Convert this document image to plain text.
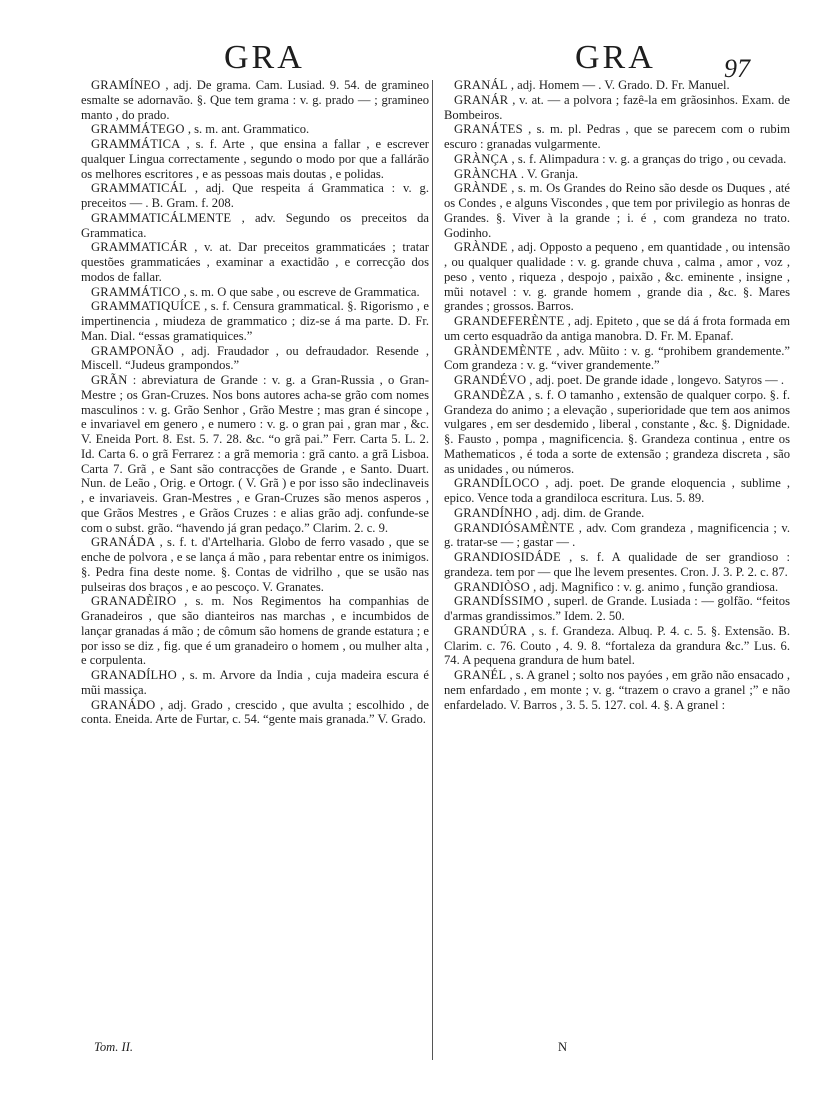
GRA	GRA	97

GRAMÍNEO , adj. De grama. Cam. Lusiad. 9. 54. de gramineo esmalte se adornavão. §. Que tem grama : v. g. prado — ; gramineo manto , do prado.

GRAMMÁTEGO , s. m. ant. Grammatico.

GRAMMÁTICA , s. f. Arte , que ensina a fallar , e escrever qualquer Lingua correctamente , segundo o modo por que a fallárão os melhores escritores , e as pessoas mais doutas , e polidas.

GRAMMATICÁL , adj. Que respeita á Grammatica : v. g. preceitos — . B. Gram. f. 208.

GRAMMATICÁLMENTE , adv. Segundo os preceitos da Grammatica.

GRAMMATICÁR , v. at. Dar preceitos grammaticáes ; tratar questões grammaticáes , examinar a exactidão , e correcção dos modos de fallar.

GRAMMÁTICO , s. m. O que sabe , ou escreve de Grammatica.

GRAMMATIQUÍCE , s. f. Censura grammatical. §. Rigorismo , e impertinencia , miudeza de grammatico ; diz-se á ma parte. D. Fr. Man. Dial. “essas gramatiquices.”

GRAMPONÃO , adj. Fraudador , ou defraudador. Resende , Miscell. “Judeus grampondos.”

GRÃN : abreviatura de Grande : v. g. a Gran-Russia , o Gran-Mestre ; os Gran-Cruzes. Nos bons autores acha-se grão com nomes masculinos : v. g. Grão Senhor , Grão Mestre ; mas gran é sincope , e invariavel em genero , e numero : v. g. o gran pai , gran mar , &c. V. Eneida Port. 8. Est. 5. 7. 28. &c. “o grã pai.” Ferr. Carta 5. L. 2. Id. Carta 6. o grã Ferrarez : a grã memoria : grã canto. a grã Lisboa. Carta 7. Grã , e Sant são contracções de Grande , e Santo. Duart. Nun. de Leão , Orig. e Ortogr. ( V. Grã ) e por isso são indeclinaveis , e invariaveis. Gran-Mestres , e Gran-Cruzes são menos asperos , que Grãos Mestres , e Grãos Cruzes : e alias grão adj. confunde-se com o subst. grão. “havendo já gran pedaço.” Clarim. 2. c. 9.

GRANÁDA , s. f. t. d'Artelharia. Globo de ferro vasado , que se enche de polvora , e se lança á mão , para rebentar entre os inimigos. §. Pedra fina deste nome. §. Contas de vidrilho , que se usão nas pulseiras dos braços , e ao pescoço. V. Granates.

GRANADÈIRO , s. m. Nos Regimentos ha companhias de Granadeiros , que são dianteiros nas marchas , e incumbidos de lançar granadas á mão ; de cômum são homens de grande estatura ; e por isso se diz , fig. que é um granadeiro o homem , ou mulher alta , e corpulenta.

GRANADÍLHO , s. m. Arvore da India , cuja madeira escura é mũi massiça.

GRANÁDO , adj. Grado , crescido , que avulta ; escolhido , de conta. Eneida. Arte de Furtar, c. 54. “gente mais granada.” V. Grado.

GRANÁL , adj. Homem — . V. Grado. D. Fr. Manuel.

GRANÁR , v. at. — a polvora ; fazê-la em grãosinhos. Exam. de Bombeiros.

GRANÁTES , s. m. pl. Pedras , que se parecem com o rubim escuro : granadas vulgarmente.

GRÀNÇA , s. f. Alimpadura : v. g. a granças do trigo , ou cevada.

GRÀNCHA . V. Granja.

GRÀNDE , s. m. Os Grandes do Reino são desde os Duques , até os Condes , e alguns Viscondes , que tem por privilegio as honras de Grandes. §. Viver à la grande ; i. é , com grandeza no trato. Godinho.

GRÀNDE , adj. Opposto a pequeno , em quantidade , ou intensão , ou qualquer qualidade : v. g. grande chuva , calma , amor , voz , peso , vento , riqueza , despojo , paixão , &c. eminente , insigne , mũi notavel : v. g. grande homem , grande dia , &c. §. Mares grandes ; grossos. Barros.

GRANDEFERÈNTE , adj. Epiteto , que se dá á frota formada em um certo esquadrão da antiga manobra. D. Fr. M. Epanaf.

GRÀNDEMÈNTE , adv. Mũito : v. g. “prohibem grandemente.” Com grandeza : v. g. “viver grandemente.”

GRANDÉVO , adj. poet. De grande idade , longevo. Satyros — .

GRANDÈZA , s. f. O tamanho , extensão de qualquer corpo. §. f. Grandeza do animo ; a elevação , superioridade que tem aos animos vulgares , em ser desdemido , liberal , constante , &c. §. Dignidade. §. Fausto , pompa , magnificencia. §. Grandeza continua , entre os Mathematicos , é toda a sorte de extensão ; grandeza discreta , são as unidades , ou números.

GRANDÍLOCO , adj. poet. De grande eloquencia , sublime , epico. Vence toda a grandiloca escritura. Lus. 5. 89.

GRANDÍNHO , adj. dim. de Grande.

GRANDIÓSAMÈNTE , adv. Com grandeza , magnificencia ; v. g. tratar-se — ; gastar — .

GRANDIOSIDÁDE , s. f. A qualidade de ser grandioso : grandeza. tem por — que lhe levem presentes. Cron. J. 3. P. 2. c. 87.

GRANDIÒSO , adj. Magnifico : v. g. animo , função grandiosa.

GRANDÍSSIMO , superl. de Grande. Lusiada : — golfão. “feitos d'armas grandissimos.” Idem. 2. 50.

GRANDÚRA , s. f. Grandeza. Albuq. P. 4. c. 5. §. Extensão. B. Clarim. c. 76. Couto , 4. 9. 8. “fortaleza da grandura &c.” Lus. 6. 74. A pequena grandura de hum batel.

GRANÉL , s. A granel ; solto nos payóes , em grão não ensacado , nem enfardado , em monte ; v. g. “trazem o cravo a granel ;” e não enfardelado. V. Barros , 3. 5. 5. 127. col. 4. §. A granel :

Tom. II.	N
